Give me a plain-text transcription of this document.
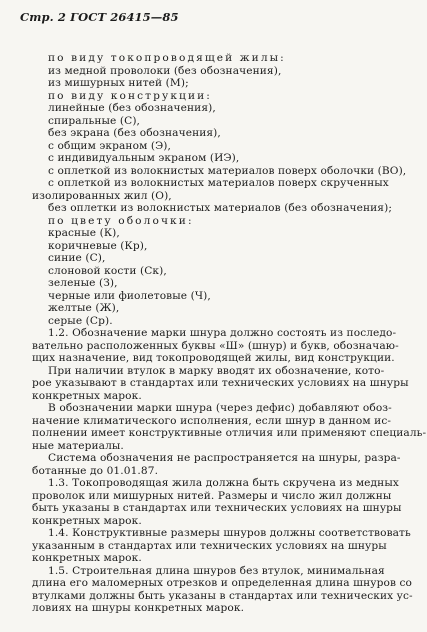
Стр. 2 ГОСТ 26415—85
по виду токопроводящей жилы:
из медной проволоки (без обозначения),
из мишурных нитей (М);
по виду конструкции:
линейные (без обозначения),
спиральные (С),
без экрана (без обозначения),
с общим экраном (Э),
с индивидуальным экраном (ИЭ),
с оплеткой из волокнистых материалов поверх оболочки (ВО),
с оплеткой из волокнистых материалов поверх скрученных
изолированных жил (О),
без оплетки из волокнистых материалов (без обозначения);
по цвету оболочки:
красные (К),
коричневые (Кр),
синие (С),
слоновой кости (Ск),
зеленые (З),
черные или фиолетовые (Ч),
желтые (Ж),
серые (Ср).
1.2. Обозначение марки шнура должно состоять из последо-
вательно расположенных буквы «Ш» (шнур) и букв, обозначаю-
щих назначение, вид токопроводящей жилы, вид конструкции.
При наличии втулок в марку вводят их обозначение, кото-
рое указывают в стандартах или технических условиях на шнуры
конкретных марок.
В обозначении марки шнура (через дефис) добавляют обоз-
начение климатического исполнения, если шнур в данном ис-
полнении имеет конструктивные отличия или применяют специаль-
ные материалы.
Система обозначения не распространяется на шнуры, разра-
ботанные до 01.01.87.
1.3. Токопроводящая жила должна быть скручена из медных
проволок или мишурных нитей. Размеры и число жил должны
быть указаны в стандартах или технических условиях на шнуры
конкретных марок.
1.4. Конструктивные размеры шнуров должны соответствовать
указанным в стандартах или технических условиях на шнуры
конкретных марок.
1.5. Строительная длина шнуров без втулок, минимальная
длина его маломерных отрезков и определенная длина шнуров со
втулками должны быть указаны в стандартах или технических ус-
ловиях на шнуры конкретных марок.
